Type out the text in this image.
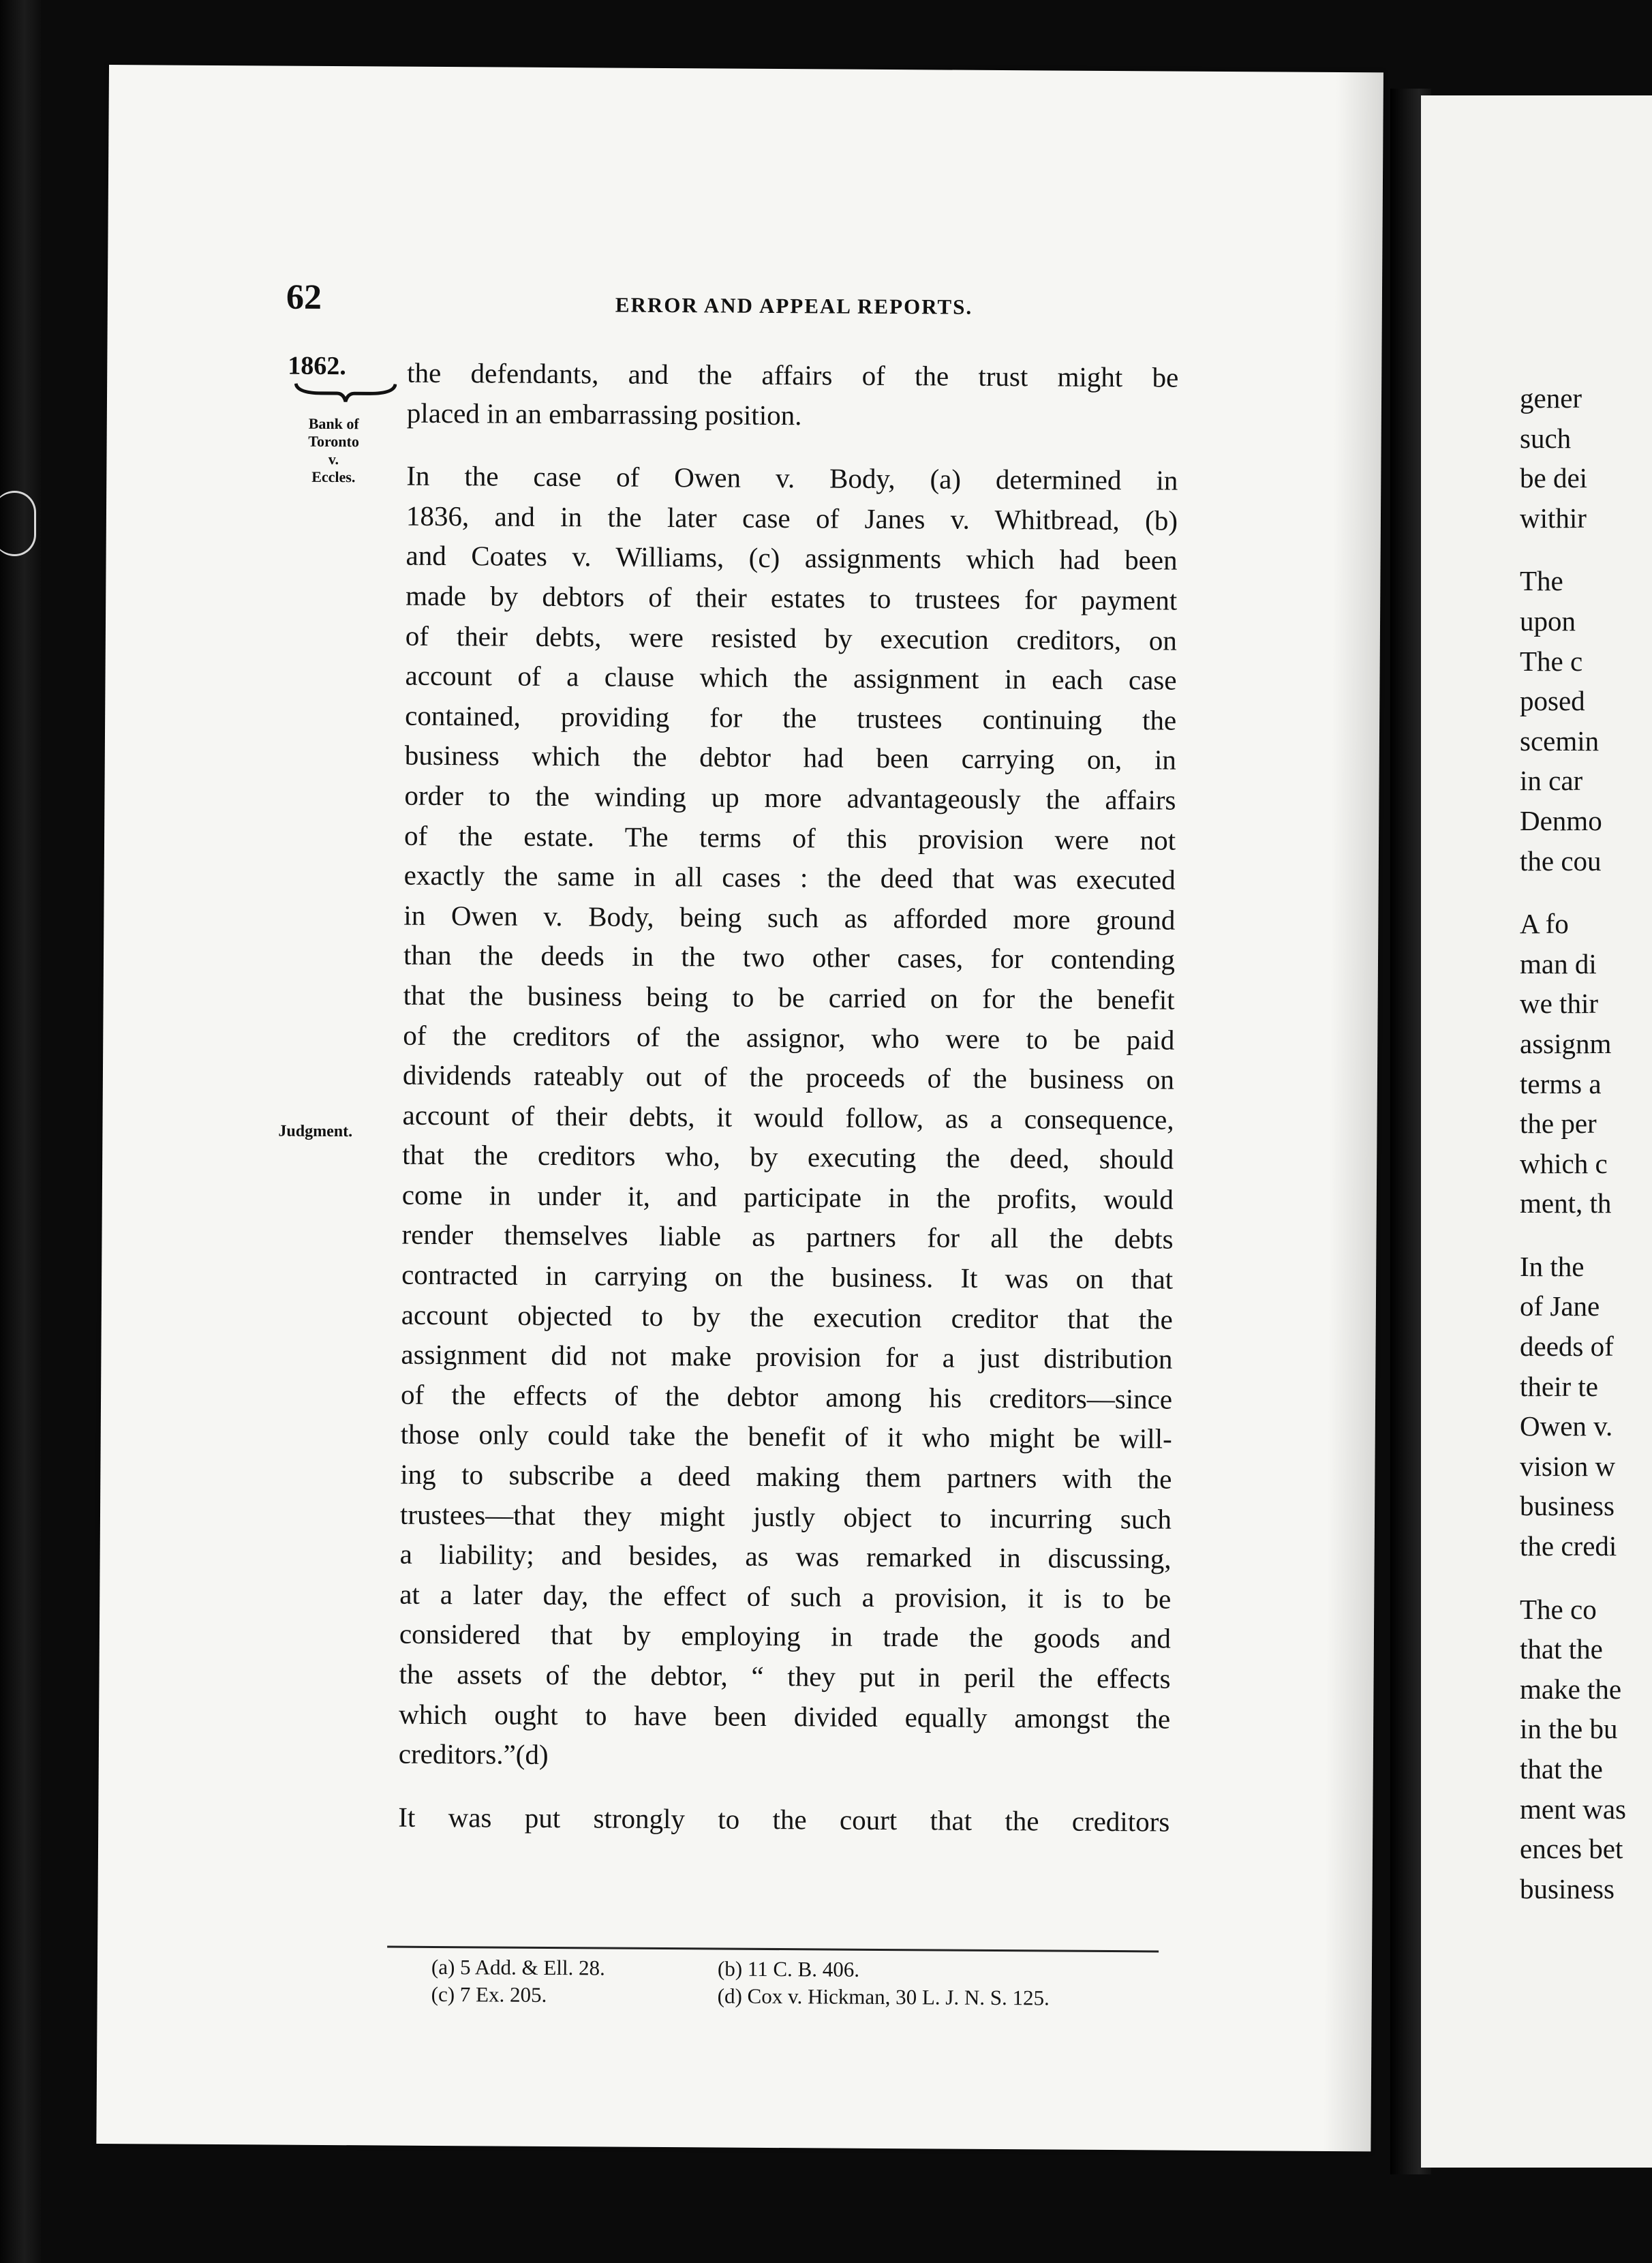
62	ERROR AND APPEAL REPORTS.
1862.
Bank of
Toronto
v.
Eccles.
Judgment.
the defendants, and the affairs of the trust might be
placed in an embarrassing position.
In the case of Owen v. Body, (a) determined in
1836, and in the later case of Janes v. Whitbread, (b)
and Coates v. Williams, (c) assignments which had been
made by debtors of their estates to trustees for payment
of their debts, were resisted by execution creditors, on
account of a clause which the assignment in each case
contained, providing for the trustees continuing the
business which the debtor had been carrying on, in
order to the winding up more advantageously the affairs
of the estate. The terms of this provision were not
exactly the same in all cases : the deed that was executed
in Owen v. Body, being such as afforded more ground
than the deeds in the two other cases, for contending
that the business being to be carried on for the benefit
of the creditors of the assignor, who were to be paid
dividends rateably out of the proceeds of the business on
account of their debts, it would follow, as a consequence,
that the creditors who, by executing the deed, should
come in under it, and participate in the profits, would
render themselves liable as partners for all the debts
contracted in carrying on the business. It was on that
account objected to by the execution creditor that the
assignment did not make provision for a just distribution
of the effects of the debtor among his creditors—since
those only could take the benefit of it who might be will-
ing to subscribe a deed making them partners with the
trustees—that they might justly object to incurring such
a liability; and besides, as was remarked in discussing,
at a later day, the effect of such a provision, it is to be
considered that by employing in trade the goods and
the assets of the debtor, “ they put in peril the effects
which ought to have been divided equally amongst the
creditors.”(d)
It was put strongly to the court that the creditors
(a) 5 Add. & Ell. 28.	(b) 11 C. B. 406.
(c) 7 Ex. 205.	(d) Cox v. Hickman, 30 L. J. N. S. 125.
gener
such
be dei
withir
The
upon
The c
posed
scemin
in car
Denmo
the cou
A fo
man di
we thir
assignm
terms a
the per
which c
ment, th
In the
of Jane
deeds of
their te
Owen v.
vision w
business
the credi
The co
that the
make the
in the bu
that the
ment was
ences bet
business
